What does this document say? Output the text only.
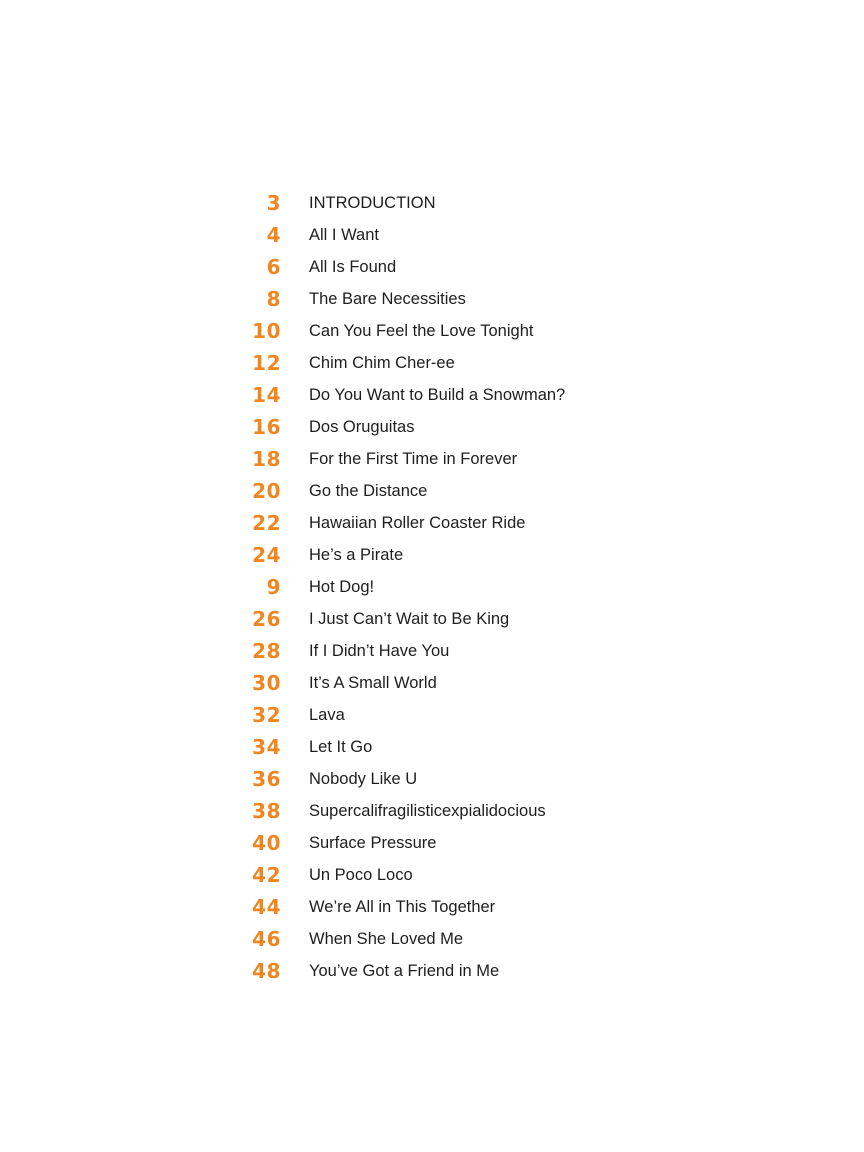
3 INTRODUCTION
4 All I Want
6 All Is Found
8 The Bare Necessities
10 Can You Feel the Love Tonight
12 Chim Chim Cher-ee
14 Do You Want to Build a Snowman?
16 Dos Oruguitas
18 For the First Time in Forever
20 Go the Distance
22 Hawaiian Roller Coaster Ride
24 He’s a Pirate
9 Hot Dog!
26 I Just Can’t Wait to Be King
28 If I Didn’t Have You
30 It’s A Small World
32 Lava
34 Let It Go
36 Nobody Like U
38 Supercalifragilisticexpialidocious
40 Surface Pressure
42 Un Poco Loco
44 We’re All in This Together
46 When She Loved Me
48 You’ve Got a Friend in Me
